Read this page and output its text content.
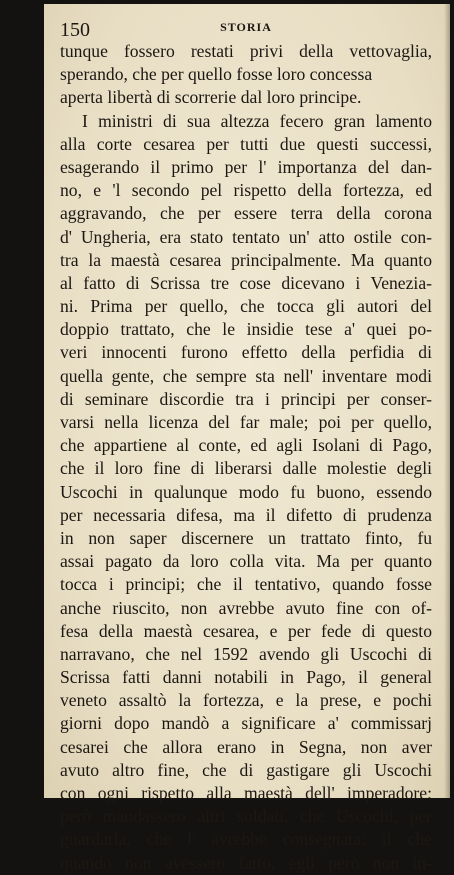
150	STORIA
tunque fossero restati privi della vettovaglia,
sperando, che per quello fosse loro concessa
aperta libertà di scorrerie dal loro principe.
I ministri di sua altezza fecero gran lamento
alla corte cesarea per tutti due questi successi,
esagerando il primo per l' importanza del dan-
no, e 'l secondo pel rispetto della fortezza, ed
aggravando, che per essere terra della corona
d' Ungheria, era stato tentato un' atto ostile con-
tra la maestà cesarea principalmente. Ma quanto
al fatto di Scrissa tre cose dicevano i Venezia-
ni. Prima per quello, che tocca gli autori del
doppio trattato, che le insidie tese a' quei po-
veri innocenti furono effetto della perfidia di
quella gente, che sempre sta nell' inventare modi
di seminare discordie tra i principi per conser-
varsi nella licenza del far male; poi per quello,
che appartiene al conte, ed agli Isolani di Pago,
che il loro fine di liberarsi dalle molestie degli
Uscochi in qualunque modo fu buono, essendo
per necessaria difesa, ma il difetto di prudenza
in non saper discernere un trattato finto, fu
assai pagato da loro colla vita. Ma per quanto
tocca i principi; che il tentativo, quando fosse
anche riuscito, non avrebbe avuto fine con of-
fesa della maestà cesarea, e per fede di questo
narravano, che nel 1592 avendo gli Uscochi di
Scrissa fatti danni notabili in Pago, il general
veneto assaltò la fortezza, e la prese, e pochi
giorni dopo mandò a significare a' commissarj
cesarei che allora erano in Segna, non aver
avuto altro fine, che di gastigare gli Uscochi
con ogni rispetto alla maestà dell' imperadore;
però mandassero altri soldati, che Uscochi, per
guardarla, che l' avrebbe consegnata; il che
quando non avessero fatto, egli però non in-
